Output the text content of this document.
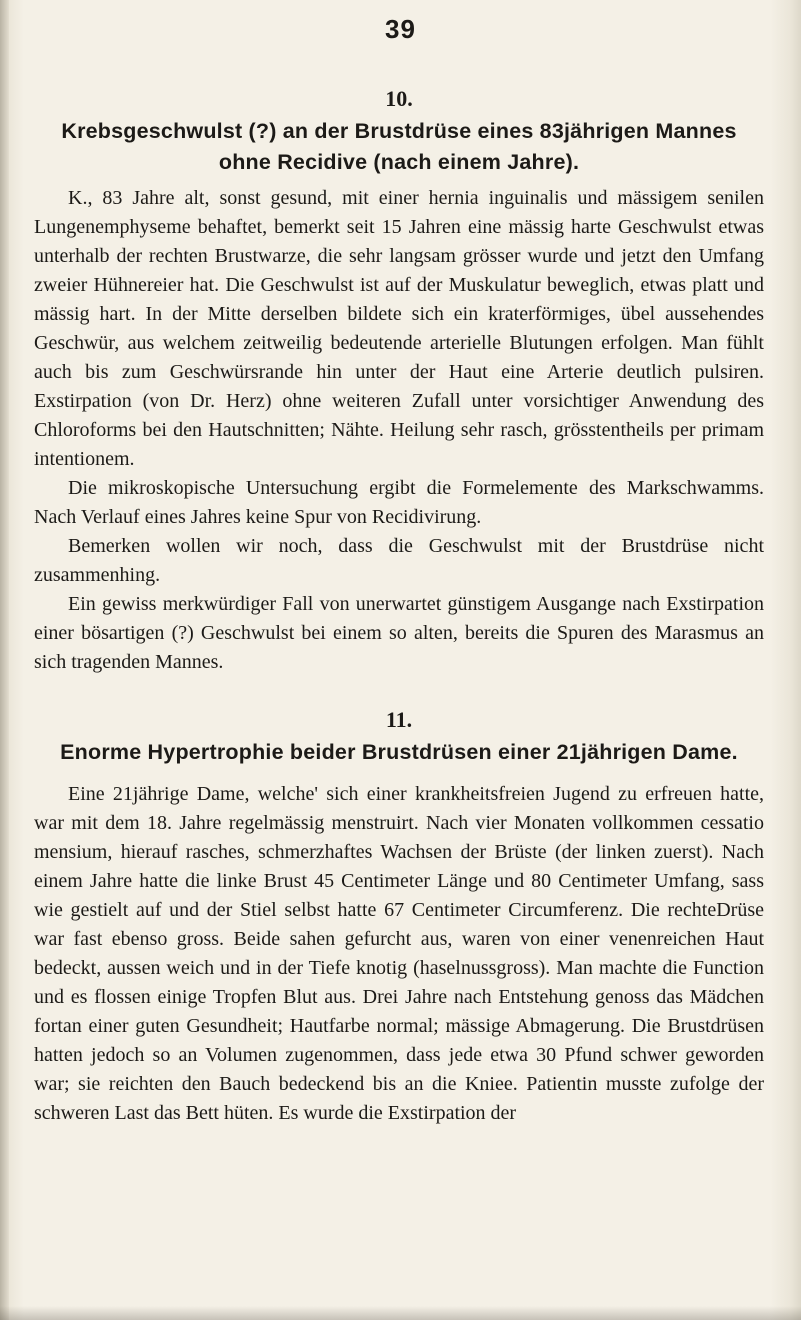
39

10.

Krebsgeschwulst (?) an der Brustdrüse eines 83jährigen Mannes ohne Recidive (nach einem Jahre).

K., 83 Jahre alt, sonst gesund, mit einer hernia inguinalis und mässigem senilen Lungenemphyseme behaftet, bemerkt seit 15 Jahren eine mässig harte Geschwulst etwas unterhalb der rechten Brustwarze, die sehr langsam grösser wurde und jetzt den Umfang zweier Hühnereier hat. Die Geschwulst ist auf der Muskulatur beweglich, etwas platt und mässig hart. In der Mitte derselben bildete sich ein kraterförmiges, übel aussehendes Geschwür, aus welchem zeitweilig bedeutende arterielle Blutungen erfolgen. Man fühlt auch bis zum Geschwürsrande hin unter der Haut eine Arterie deutlich pulsiren. Exstirpation (von Dr. Herz) ohne weiteren Zufall unter vorsichtiger Anwendung des Chloroforms bei den Hautschnitten; Nähte. Heilung sehr rasch, grösstentheils per primam intentionem.

Die mikroskopische Untersuchung ergibt die Formelemente des Markschwamms. Nach Verlauf eines Jahres keine Spur von Recidivirung.

Bemerken wollen wir noch, dass die Geschwulst mit der Brustdrüse nicht zusammenhing.

Ein gewiss merkwürdiger Fall von unerwartet günstigem Ausgange nach Exstirpation einer bösartigen (?) Geschwulst bei einem so alten, bereits die Spuren des Marasmus an sich tragenden Mannes.

11.

Enorme Hypertrophie beider Brustdrüsen einer 21jährigen Dame.

Eine 21jährige Dame, welche' sich einer krankheitsfreien Jugend zu erfreuen hatte, war mit dem 18. Jahre regelmässig menstruirt. Nach vier Monaten vollkommen cessatio mensium, hierauf rasches, schmerzhaftes Wachsen der Brüste (der linken zuerst). Nach einem Jahre hatte die linke Brust 45 Centimeter Länge und 80 Centimeter Umfang, sass wie gestielt auf und der Stiel selbst hatte 67 Centimeter Circumferenz. Die rechteDrüse war fast ebenso gross. Beide sahen gefurcht aus, waren von einer venenreichen Haut bedeckt, aussen weich und in der Tiefe knotig (haselnussgross). Man machte die Function und es flossen einige Tropfen Blut aus. Drei Jahre nach Entstehung genoss das Mädchen fortan einer guten Gesundheit; Hautfarbe normal; mässige Abmagerung. Die Brustdrüsen hatten jedoch so an Volumen zugenommen, dass jede etwa 30 Pfund schwer geworden war; sie reichten den Bauch bedeckend bis an die Kniee. Patientin musste zufolge der schweren Last das Bett hüten. Es wurde die Exstirpation der
